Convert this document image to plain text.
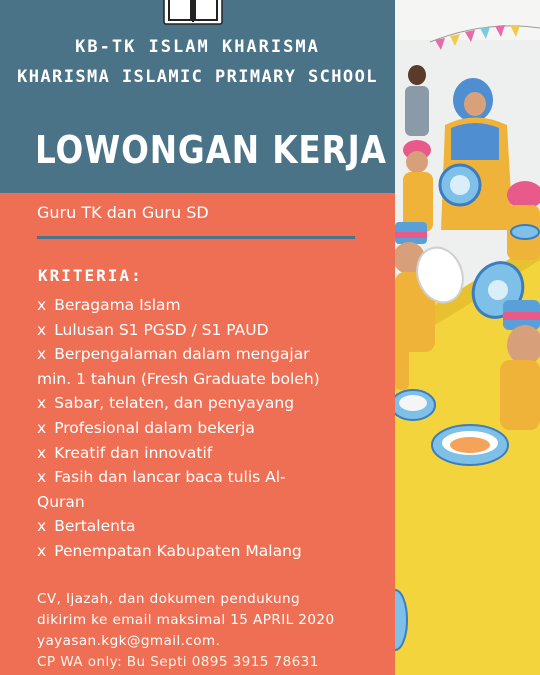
KB-TK ISLAM KHARISMA
KHARISMA ISLAMIC PRIMARY SCHOOL
LOWONGAN KERJA

Guru TK dan Guru SD

KRITERIA:
x Beragama Islam
x Lulusan S1 PGSD / S1 PAUD
x Berpengalaman dalam mengajar
min. 1 tahun (Fresh Graduate boleh)
x Sabar, telaten, dan penyayang
x Profesional dalam bekerja
x Kreatif dan innovatif
x Fasih dan lancar baca tulis Al-
Quran
x Bertalenta
x Penempatan Kabupaten Malang

CV, Ijazah, dan dokumen pendukung

dikirim ke email maksimal 15 APRIL 2020

yayasan.kgk@gmail.com.

CP WA only: Bu Septi 0895 3915 78631
